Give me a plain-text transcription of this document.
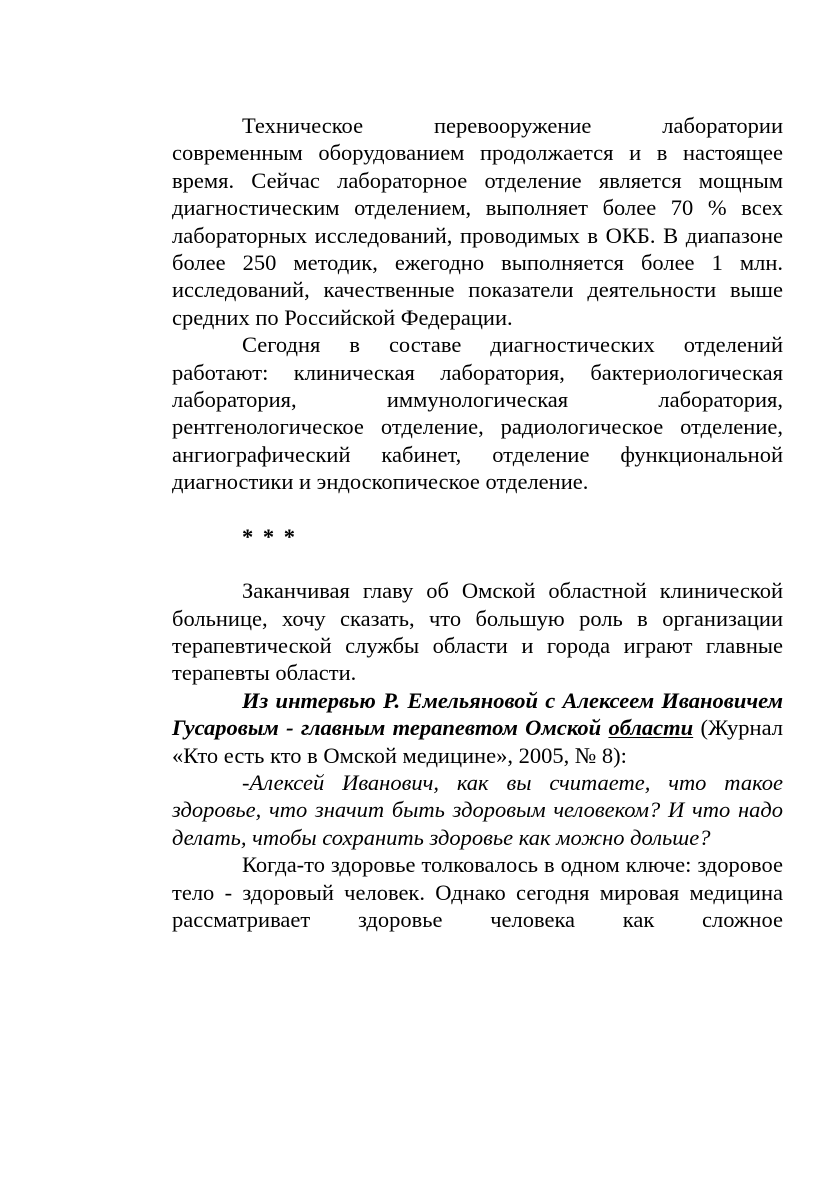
Техническое перевооружение лаборатории современным оборудованием продолжается и в настоящее время. Сейчас лабораторное отделение является мощным диагностическим отделением, выполняет более 70 % всех лабораторных исследований, проводимых в ОКБ. В диапазоне более 250 методик, ежегодно выполняется более 1 млн. исследований, качественные показатели деятельности выше средних по Российской Федерации.

Сегодня в составе диагностических отделений работают: клиническая лаборатория, бактериологическая лаборатория, иммунологическая лаборатория, рентгенологическое отделение, радиологическое отделение, ангиографический кабинет, отделение функциональной диагностики и эндоскопическое отделение.

* * *

Заканчивая главу об Омской областной клинической больнице, хочу сказать, что большую роль в организации терапевтической службы области и города играют главные терапевты области.

Из интервью Р. Емельяновой с Алексеем Ивановичем Гусаровым - главным терапевтом Омской области (Журнал «Кто есть кто в Омской медицине», 2005, № 8):

-Алексей Иванович, как вы считаете, что такое здоровье, что значит быть здоровым человеком? И что надо делать, чтобы сохранить здоровье как можно дольше?

Когда-то здоровье толковалось в одном ключе: здоровое тело - здоровый человек. Однако сегодня мировая медицина рассматривает здоровье человека как сложное
